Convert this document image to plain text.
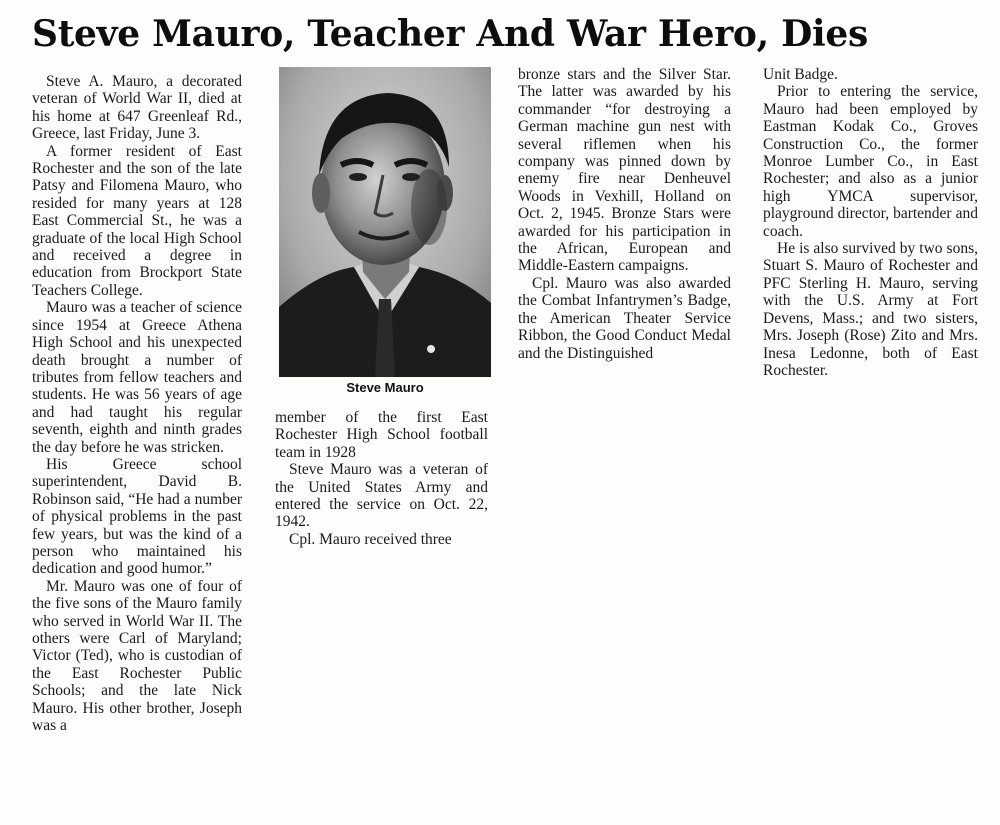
Steve Mauro, Teacher And War Hero, Dies

Steve A. Mauro, a decorated veteran of World War II, died at his home at 647 Greenleaf Rd., Greece, last Friday, June 3.

A former resident of East Rochester and the son of the late Patsy and Filomena Mauro, who resided for many years at 128 East Commercial St., he was a graduate of the local High School and received a degree in education from Brockport State Teachers College.

Mauro was a teacher of science since 1954 at Greece Athena High School and his unexpected death brought a number of tributes from fellow teachers and students. He was 56 years of age and had taught his regular seventh, eighth and ninth grades the day before he was stricken.

His Greece school superintendent, David B. Robinson said, “He had a number of physical problems in the past few years, but was the kind of a person who maintained his dedication and good humor.”

Mr. Mauro was one of four of the five sons of the Mauro family who served in World War II. The others were Carl of Maryland; Victor (Ted), who is custodian of the East Rochester Public Schools; and the late Nick Mauro. His other brother, Joseph was a

Steve Mauro

member of the first East Rochester High School football team in 1928

Steve Mauro was a veteran of the United States Army and entered the service on Oct. 22, 1942.

Cpl. Mauro received three

bronze stars and the Silver Star. The latter was awarded by his commander “for destroying a German machine gun nest with several riflemen when his company was pinned down by enemy fire near Denheuvel Woods in Vexhill, Holland on Oct. 2, 1945. Bronze Stars were awarded for his participation in the African, European and Middle-Eastern campaigns.

Cpl. Mauro was also awarded the Combat Infantrymen’s Badge, the American Theater Service Ribbon, the Good Conduct Medal and the Distinguished

Unit Badge.

Prior to entering the service, Mauro had been employed by Eastman Kodak Co., Groves Construction Co., the former Monroe Lumber Co., in East Rochester; and also as a junior high YMCA supervisor, playground director, bartender and coach.

He is also survived by two sons, Stuart S. Mauro of Rochester and PFC Sterling H. Mauro, serving with the U.S. Army at Fort Devens, Mass.; and two sisters, Mrs. Joseph (Rose) Zito and Mrs. Inesa Ledonne, both of East Rochester.
